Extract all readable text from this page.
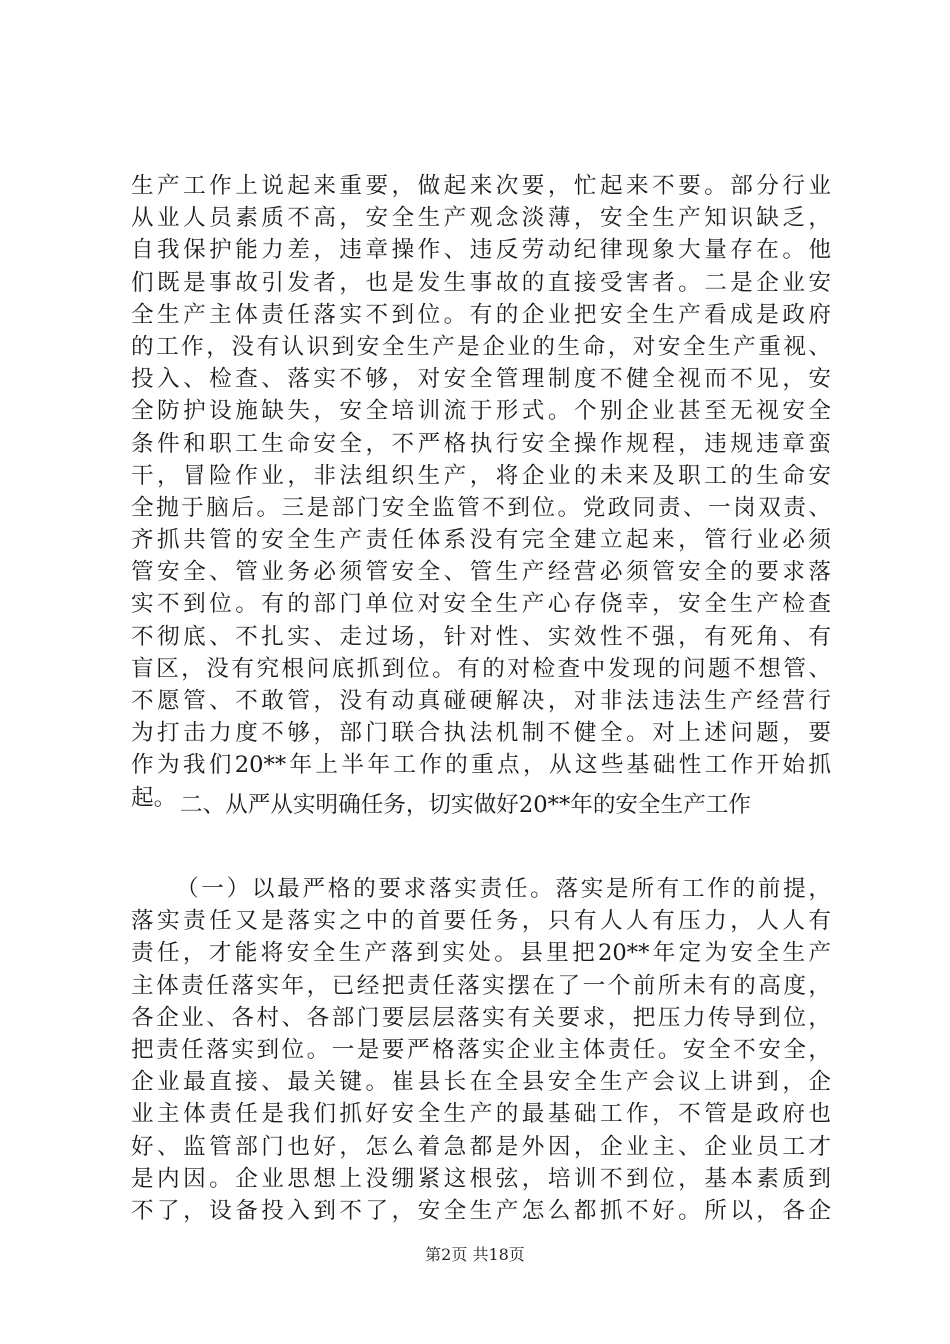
生产工作上说起来重要，做起来次要，忙起来不要。部分行业
从业人员素质不高，安全生产观念淡薄，安全生产知识缺乏，
自我保护能力差，违章操作、违反劳动纪律现象大量存在。他
们既是事故引发者，也是发生事故的直接受害者。二是企业安
全生产主体责任落实不到位。有的企业把安全生产看成是政府
的工作，没有认识到安全生产是企业的生命，对安全生产重视、
投入、检查、落实不够，对安全管理制度不健全视而不见，安
全防护设施缺失，安全培训流于形式。个别企业甚至无视安全
条件和职工生命安全，不严格执行安全操作规程，违规违章蛮
干，冒险作业，非法组织生产，将企业的未来及职工的生命安
全抛于脑后。三是部门安全监管不到位。党政同责、一岗双责、
齐抓共管的安全生产责任体系没有完全建立起来，管行业必须
管安全、管业务必须管安全、管生产经营必须管安全的要求落
实不到位。有的部门单位对安全生产心存侥幸，安全生产检查
不彻底、不扎实、走过场，针对性、实效性不强，有死角、有
盲区，没有究根问底抓到位。有的对检查中发现的问题不想管、
不愿管、不敢管，没有动真碰硬解决，对非法违法生产经营行
为打击力度不够，部门联合执法机制不健全。对上述问题，要
作为我们20**年上半年工作的重点，从这些基础性工作开始抓
起。 二、从严从实明确任务，切实做好20**年的安全生产工作
（一）以最严格的要求落实责任。落实是所有工作的前提，
落实责任又是落实之中的首要任务，只有人人有压力，人人有
责任，才能将安全生产落到实处。县里把20**年定为安全生产
主体责任落实年，已经把责任落实摆在了一个前所未有的高度，
各企业、各村、各部门要层层落实有关要求，把压力传导到位，
把责任落实到位。一是要严格落实企业主体责任。安全不安全，
企业最直接、最关键。崔县长在全县安全生产会议上讲到，企
业主体责任是我们抓好安全生产的最基础工作，不管是政府也
好、监管部门也好，怎么着急都是外因，企业主、企业员工才
是内因。企业思想上没绷紧这根弦，培训不到位，基本素质到
不了，设备投入到不了，安全生产怎么都抓不好。所以，各企
第2页 共18页
